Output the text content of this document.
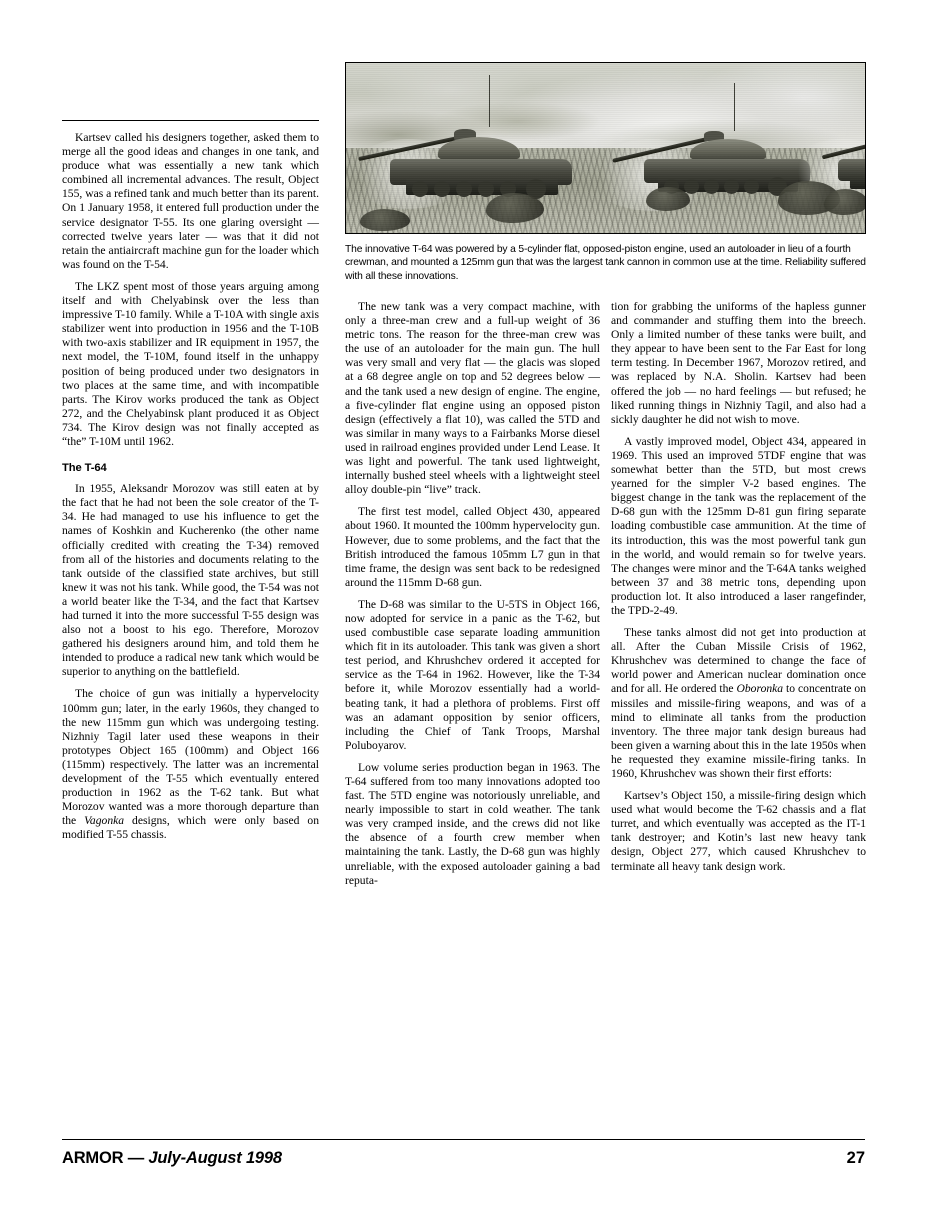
The innovative T-64 was powered by a 5-cylinder flat, opposed-piston engine, used an autoloader in lieu of a fourth crewman, and mounted a 125mm gun that was the largest tank cannon in common use at the time. Reliability suffered with all these innovations.

Kartsev called his designers together, asked them to merge all the good ideas and changes in one tank, and produce what was essentially a new tank which combined all incremental advances. The result, Object 155, was a refined tank and much better than its parent. On 1 January 1958, it entered full production under the service designator T-55. Its one glaring oversight — corrected twelve years later — was that it did not retain the antiaircraft machine gun for the loader which was found on the T-54.

The LKZ spent most of those years arguing among itself and with Chelyabinsk over the less than impressive T-10 family. While a T-10A with single axis stabilizer went into production in 1956 and the T-10B with two-axis stabilizer and IR equipment in 1957, the next model, the T-10M, found itself in the unhappy position of being produced under two designators in two places at the same time, and with incompatible parts. The Kirov works produced the tank as Object 272, and the Chelyabinsk plant produced it as Object 734. The Kirov design was not finally accepted as “the” T-10M until 1962.

The T-64

In 1955, Aleksandr Morozov was still eaten at by the fact that he had not been the sole creator of the T-34. He had managed to use his influence to get the names of Koshkin and Kucherenko (the other name officially credited with creating the T-34) removed from all of the histories and documents relating to the tank outside of the classified state archives, but still knew it was not his tank. While good, the T-54 was not a world beater like the T-34, and the fact that Kartsev had turned it into the more successful T-55 design was also not a boost to his ego. Therefore, Morozov gathered his designers around him, and told them he intended to produce a radical new tank which would be superior to anything on the battlefield.

The choice of gun was initially a hypervelocity 100mm gun; later, in the early 1960s, they changed to the new 115mm gun which was undergoing testing. Nizhniy Tagil later used these weapons in their prototypes Object 165 (100mm) and Object 166 (115mm) respectively. The latter was an incremental development of the T-55 which eventually entered production in 1962 as the T-62 tank. But what Morozov wanted was a more thorough departure than the Vagonka designs, which were only based on modified T-55 chassis.

The new tank was a very compact machine, with only a three-man crew and a full-up weight of 36 metric tons. The reason for the three-man crew was the use of an autoloader for the main gun. The hull was very small and very flat — the glacis was sloped at a 68 degree angle on top and 52 degrees below — and the tank used a new design of engine. The engine, a five-cylinder flat engine using an opposed piston design (effectively a flat 10), was called the 5TD and was similar in many ways to a Fairbanks Morse diesel used in railroad engines provided under Lend Lease. It was light and powerful. The tank used lightweight, internally bushed steel wheels with a lightweight steel alloy double-pin “live” track.

The first test model, called Object 430, appeared about 1960. It mounted the 100mm hypervelocity gun. However, due to some problems, and the fact that the British introduced the famous 105mm L7 gun in that time frame, the design was sent back to be redesigned around the 115mm D-68 gun.

The D-68 was similar to the U-5TS in Object 166, now adopted for service in a panic as the T-62, but used combustible case separate loading ammunition which fit in its autoloader. This tank was given a short test period, and Khrushchev ordered it accepted for service as the T-64 in 1962. However, like the T-34 before it, while Morozov essentially had a world-beating tank, it had a plethora of problems. First off was an adamant opposition by senior officers, including the Chief of Tank Troops, Marshal Poluboyarov.

Low volume series production began in 1963. The T-64 suffered from too many innovations adopted too fast. The 5TD engine was notoriously unreliable, and nearly impossible to start in cold weather. The tank was very cramped inside, and the crews did not like the absence of a fourth crew member when maintaining the tank. Lastly, the D-68 gun was highly unreliable, with the exposed autoloader gaining a bad reputa-

tion for grabbing the uniforms of the hapless gunner and commander and stuffing them into the breech. Only a limited number of these tanks were built, and they appear to have been sent to the Far East for long term testing. In December 1967, Morozov retired, and was replaced by N.A. Sholin. Kartsev had been offered the job — no hard feelings — but refused; he liked running things in Nizhniy Tagil, and also had a sickly daughter he did not wish to move.

A vastly improved model, Object 434, appeared in 1969. This used an improved 5TDF engine that was somewhat better than the 5TD, but most crews yearned for the simpler V-2 based engines. The biggest change in the tank was the replacement of the D-68 gun with the 125mm D-81 gun firing separate loading combustible case ammunition. At the time of its introduction, this was the most powerful tank gun in the world, and would remain so for twelve years. The changes were minor and the T-64A tanks weighed between 37 and 38 metric tons, depending upon production lot. It also introduced a laser rangefinder, the TPD-2-49.

These tanks almost did not get into production at all. After the Cuban Missile Crisis of 1962, Khrushchev was determined to change the face of world power and American nuclear domination once and for all. He ordered the Oboronka to concentrate on missiles and missile-firing weapons, and was of a mind to eliminate all tanks from the production inventory. The three major tank design bureaus had been given a warning about this in the late 1950s when he requested they examine missile-firing tanks. In 1960, Khrushchev was shown their first efforts:

Kartsev’s Object 150, a missile-firing design which used what would become the T-62 chassis and a flat turret, and which eventually was accepted as the IT-1 tank destroyer; and Kotin’s last new heavy tank design, Object 277, which caused Khrushchev to terminate all heavy tank design work.

ARMOR — July-August 1998	27
